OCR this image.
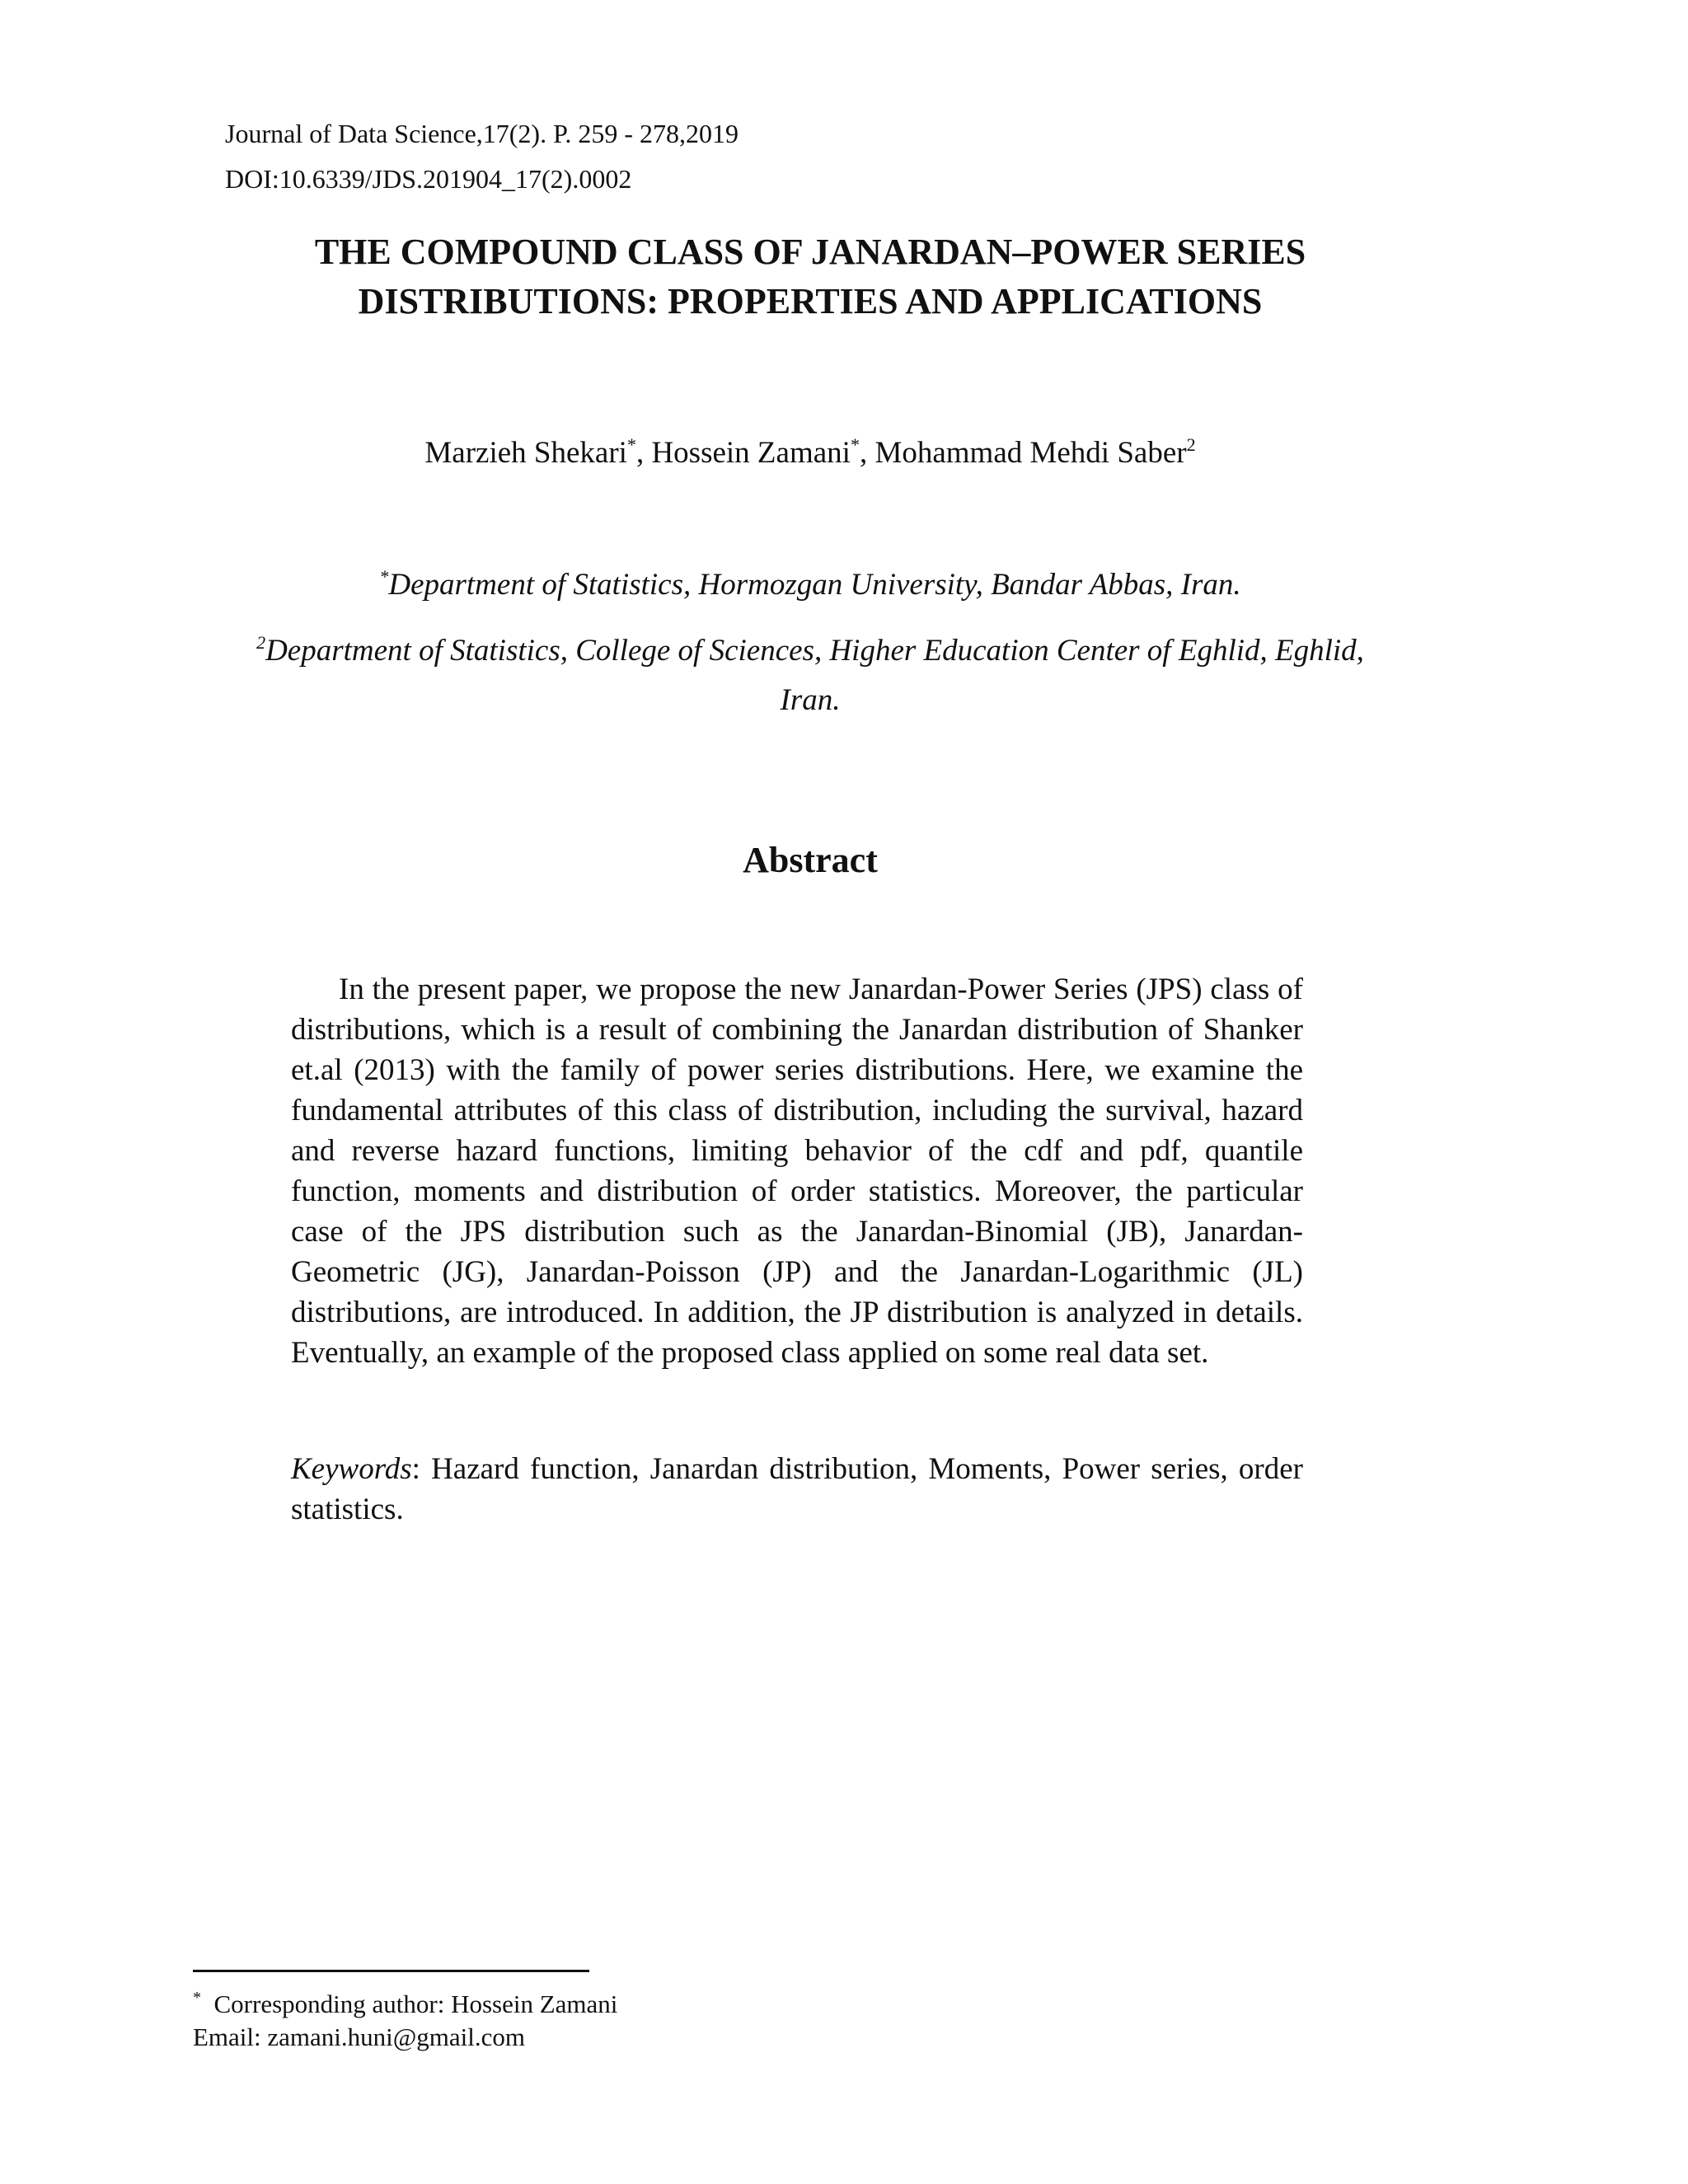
Journal of Data Science,17(2). P. 259 - 278,2019
DOI:10.6339/JDS.201904_17(2).0002
THE COMPOUND CLASS OF JANARDAN–POWER SERIES
DISTRIBUTIONS: PROPERTIES AND APPLICATIONS
Marzieh Shekari*, Hossein Zamani*, Mohammad Mehdi Saber$^2$
*Department of Statistics, Hormozgan University, Bandar Abbas, Iran.
$^2$Department of Statistics, College of Sciences, Higher Education Center of Eghlid, Eghlid,
Iran.
Abstract

In the present paper, we propose the new Janardan-Power Series (JPS) class of distributions, which is a result of combining the Janardan distribution of Shanker et.al (2013) with the family of power series distributions. Here, we examine the fundamental attributes of this class of distribution, including the survival, hazard and reverse hazard functions, limiting behavior of the cdf and pdf, quantile function, moments and distribution of order statistics. Moreover, the particular case of the JPS distribution such as the Janardan-Binomial (JB), Janardan-Geometric (JG), Janardan-Poisson (JP) and the Janardan-Logarithmic (JL) distributions, are introduced. In addition, the JP distribution is analyzed in details. Eventually, an example of the proposed class applied on some real data set.

Keywords: Hazard function, Janardan distribution, Moments, Power series, order statistics.

* Corresponding author: Hossein Zamani
Email: zamani.huni@gmail.com
